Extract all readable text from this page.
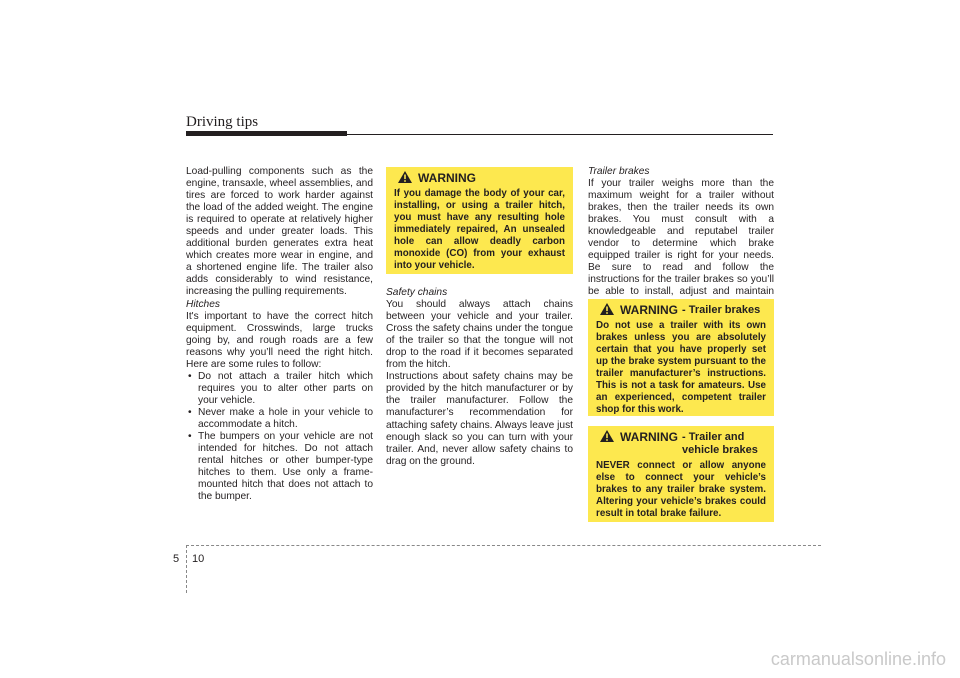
Driving tips

Load-pulling components such as the engine, transaxle, wheel assemblies, and tires are forced to work harder against the load of the added weight. The engine is required to operate at relatively higher speeds and under greater loads. This additional burden generates extra heat which creates more wear in engine, and a shortened engine life. The trailer also adds considerably to wind resistance, increasing the pulling requirements.

Hitches

It's important to have the correct hitch equipment. Crosswinds, large trucks going by, and rough roads are a few reasons why you’ll need the right hitch. Here are some rules to follow:

• Do not attach a trailer hitch which requires you to alter other parts on your vehicle.
• Never make a hole in your vehicle to accommodate a hitch.
• The bumpers on your vehicle are not intended for hitches. Do not attach rental hitches or other bumper-type hitches to them. Use only a frame-mounted hitch that does not attach to the bumper.
WARNING
If you damage the body of your car, installing, or using a trailer hitch, you must have any resulting hole immediately repaired, An unsealed hole can allow deadly carbon monoxide (CO) from your exhaust into your vehicle.

Safety chains

You should always attach chains between your vehicle and your trailer. Cross the safety chains under the tongue of the trailer so that the tongue will not drop to the road if it becomes separated from the hitch.

Instructions about safety chains may be provided by the hitch manufacturer or by the trailer manufacturer. Follow the manufacturer’s recommendation for attaching safety chains. Always leave just enough slack so you can turn with your trailer. And, never allow safety chains to drag on the ground.

Trailer brakes

If your trailer weighs more than the maximum weight for a trailer without brakes, then the trailer needs its own brakes. You must consult with a knowledgeable and reputabel trailer vendor to determine which brake equipped trailer is right for your needs. Be sure to read and follow the instructions for the trailer brakes so you’ll be able to install, adjust and maintain

WARNING - Trailer brakes
Do not use a trailer with its own brakes unless you are absolutely certain that you have properly set up the brake system pursuant to the trailer manufacturer’s instructions. This is not a task for amateurs. Use an experienced, competent trailer shop for this work.
WARNING - Trailer and vehicle brakes
NEVER connect or allow anyone else to connect your vehicle’s brakes to any trailer brake system. Altering your vehicle’s brakes could result in total brake failure.
5 10
carmanualsonline.info
